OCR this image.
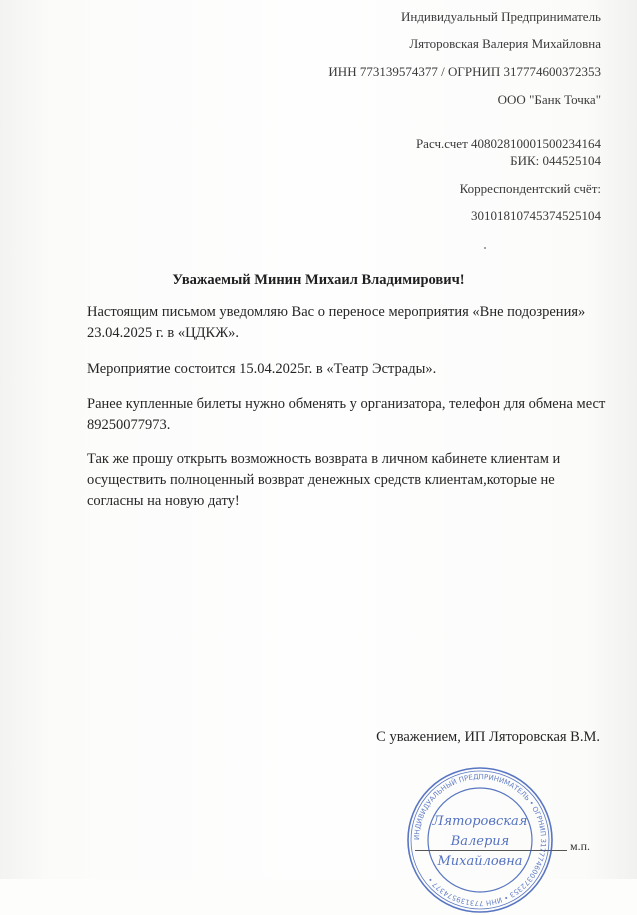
Индивидуальный Предприниматель
Ляторовская Валерия Михайловна
ИНН 773139574377 / ОГРНИП 317774600372353
ООО "Банк Точка"
Расч.счет 40802810001500234164
БИК: 044525104
Корреспондентский счёт:
30101810745374525104
Уважаемый Минин Михаил Владимирович!
Настоящим письмом уведомляю Вас о переносе мероприятия «Вне подозрения» 23.04.2025 г. в «ЦДКЖ».
Мероприятие состоится 15.04.2025г. в «Театр Эстрады».
Ранее купленные билеты нужно обменять у организатора, телефон для обмена мест 89250077973.
Так же прошу открыть возможность возврата в личном кабинете клиентам и осуществить полноценный возврат денежных средств клиентам,которые не согласны на новую дату!
С уважением, ИП Ляторовская В.М.
м.п.
ИНДИВИДУАЛЬНЫЙ ПРЕДПРИНИМАТЕЛЬ • ОГРНИП 317774600372353 • ИНН 773139574377 •
Ляторовская
Валерия
Михайловна
